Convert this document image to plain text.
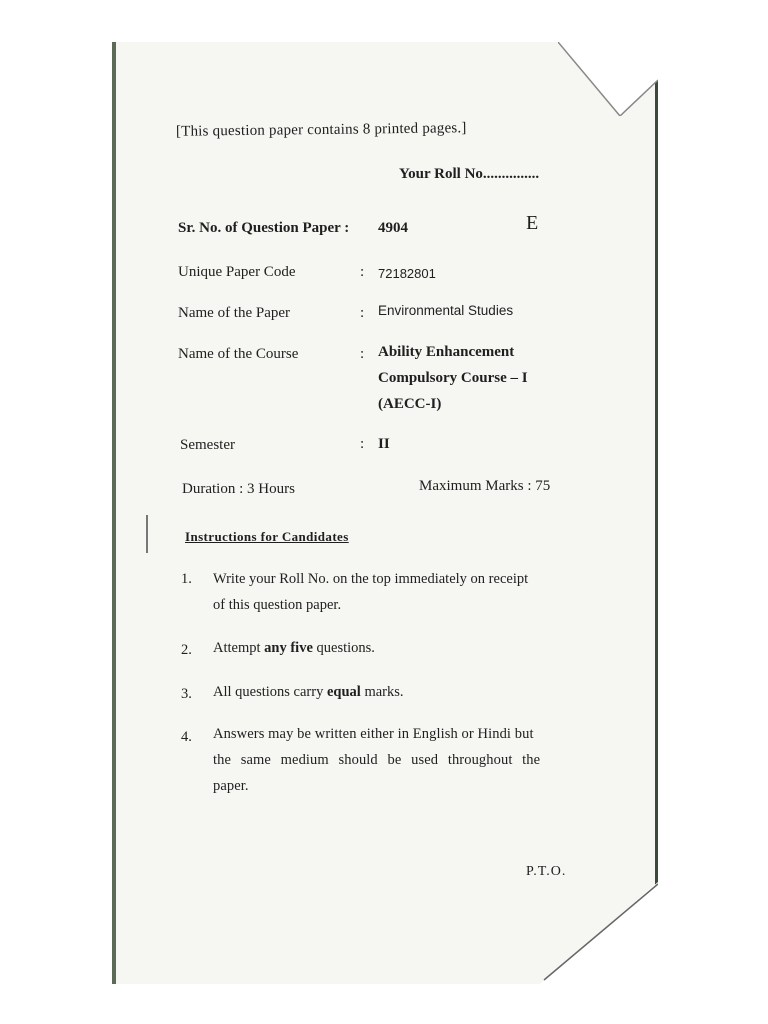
[This question paper contains 8 printed pages.]
Your Roll No...............
Sr. No. of Question Paper : 4904	E
Unique Paper Code	: 72182801
Name of the Paper	: Environmental Studies
Name of the Course	: Ability Enhancement
Compulsory Course – I
(AECC-I)
Semester	: II
Duration : 3 Hours	Maximum Marks : 75
Instructions for Candidates
1. Write your Roll No. on the top immediately on receipt
of this question paper.
2. Attempt any five questions.
3. All questions carry equal marks.
4. Answers may be written either in English or Hindi but
the same medium should be used throughout the
paper.
P.T.O.
